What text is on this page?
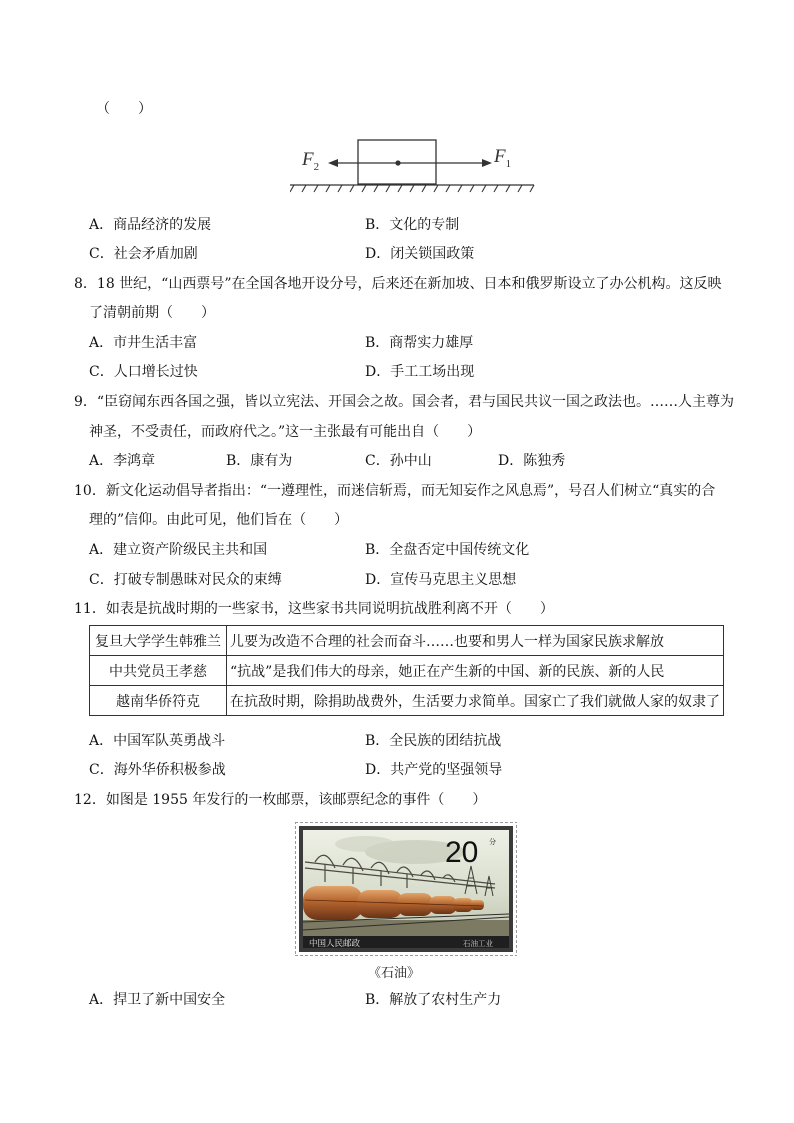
（　　）
$F_2$	$F_1$
A．商品经济的发展	B．文化的专制
C．社会矛盾加剧	D．闭关锁国政策
8．18 世纪，“山西票号”在全国各地开设分号，后来还在新加坡、日本和俄罗斯设立了办公机构。这反映
了清朝前期（　　）
A．市井生活丰富	B．商帮实力雄厚
C．人口增长过快	D．手工工场出现
9．“臣窃闻东西各国之强，皆以立宪法、开国会之故。国会者，君与国民共议一国之政法也。……人主尊为
神圣，不受责任，而政府代之。”这一主张最有可能出自（　　）
A．李鸿章	B．康有为	C．孙中山	D．陈独秀
10．新文化运动倡导者指出：“一遵理性，而迷信斩焉，而无知妄作之风息焉”，号召人们树立“真实的合
理的”信仰。由此可见，他们旨在（　　）
A．建立资产阶级民主共和国	B．全盘否定中国传统文化
C．打破专制愚昧对民众的束缚	D．宣传马克思主义思想
11．如表是抗战时期的一些家书，这些家书共同说明抗战胜利离不开（　　）
复旦大学学生韩雅兰	儿要为改造不合理的社会而奋斗……也要和男人一样为国家民族求解放
中共党员王孝慈	“抗战”是我们伟大的母亲，她正在产生新的中国、新的民族、新的人民
越南华侨符克	在抗敌时期，除捐助战费外，生活要力求简单。国家亡了我们就做人家的奴隶了
A．中国军队英勇战斗	B．全民族的团结抗战
C．海外华侨积极参战	D．共产党的坚强领导
12．如图是 1955 年发行的一枚邮票，该邮票纪念的事件（　　）
中国人民邮政	石油工业
20 分
《石油》
A．捍卫了新中国安全	B．解放了农村生产力
